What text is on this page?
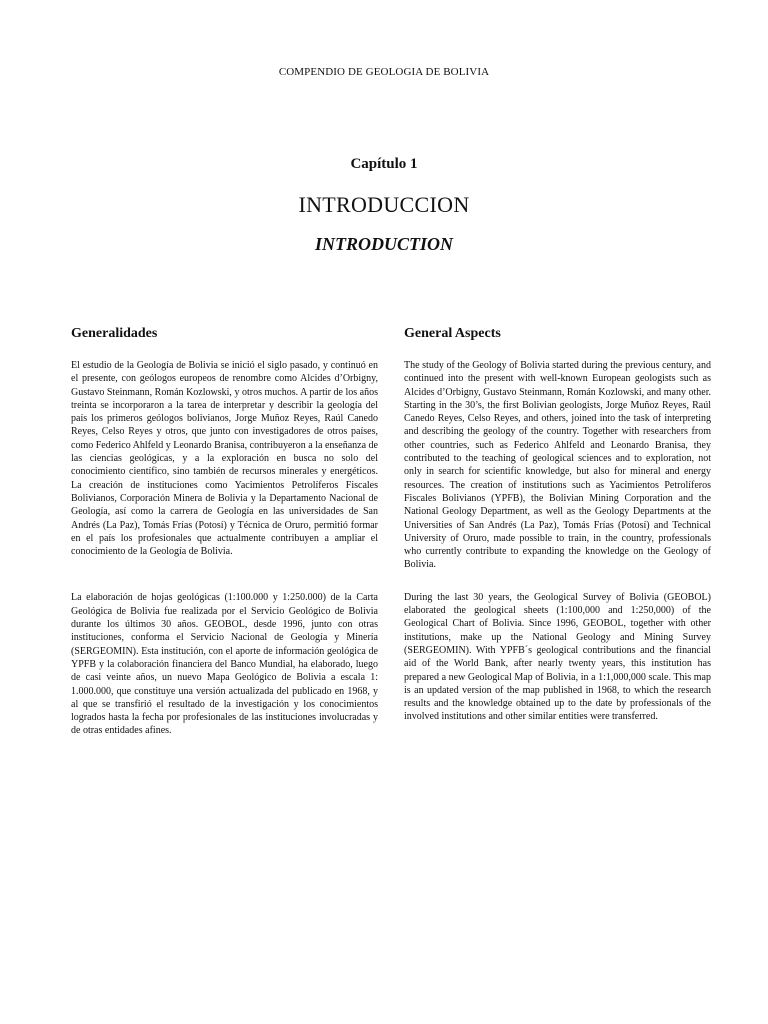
COMPENDIO DE GEOLOGIA DE BOLIVIA
Capítulo 1
INTRODUCCION
INTRODUCTION
Generalidades

El estudio de la Geología de Bolivia se inició el siglo pasado, y continuó en el presente, con geólogos europeos de renombre como Alcides d’Orbigny, Gustavo Steinmann, Román Kozlowski, y otros muchos. A partir de los años treinta se incorporaron a la tarea de interpretar y describir la geología del país los primeros geólogos bolivianos, Jorge Muñoz Reyes, Raúl Canedo Reyes, Celso Reyes y otros, que junto con investigadores de otros países, como Federico Ahlfeld y Leonardo Branisa, contribuyeron a la enseñanza de las ciencias geológicas, y a la exploración en busca no solo del conocimiento científico, sino también de recursos minerales y energéticos. La creación de instituciones como Yacimientos Petrolíferos Fiscales Bolivianos, Corporación Minera de Bolivia y la Departamento Nacional de Geología, así como la carrera de Geología en las universidades de San Andrés (La Paz), Tomás Frías (Potosí) y Técnica de Oruro, permitió formar en el país los profesionales que actualmente contribuyen a ampliar el conocimiento de la Geología de Bolivia.

La elaboración de hojas geológicas (1:100.000 y 1:250.000) de la Carta Geológica de Bolivia fue realizada por el Servicio Geológico de Bolivia durante los últimos 30 años. GEOBOL, desde 1996, junto con otras instituciones, conforma el Servicio Nacional de Geología y Minería (SERGEOMIN). Esta institución, con el aporte de información geológica de YPFB y la colaboración financiera del Banco Mundial, ha elaborado, luego de casi veinte años, un nuevo Mapa Geológico de Bolivia a escala 1: 1.000.000, que constituye una versión actualizada del publicado en 1968, y al que se transfirió el resultado de la investigación y los conocimientos logrados hasta la fecha por profesionales de las instituciones involucradas y de otras entidades afines.

General Aspects

The study of the Geology of Bolivia started during the previous century, and continued into the present with well-known European geologists such as Alcides d’Orbigny, Gustavo Steinmann, Román Kozlowski, and many other. Starting in the 30’s, the first Bolivian geologists, Jorge Muñoz Reyes, Raúl Canedo Reyes, Celso Reyes, and others, joined into the task of interpreting and describing the geology of the country. Together with researchers from other countries, such as Federico Ahlfeld and Leonardo Branisa, they contributed to the teaching of geological sciences and to exploration, not only in search for scientific knowledge, but also for mineral and energy resources. The creation of institutions such as Yacimientos Petrolíferos Fiscales Bolivianos (YPFB), the Bolivian Mining Corporation and the National Geology Department, as well as the Geology Departments at the Universities of San Andrés (La Paz), Tomás Frías (Potosí) and Technical University of Oruro, made possible to train, in the country, professionals who currently contribute to expanding the knowledge on the Geology of Bolivia.

During the last 30 years, the Geological Survey of Bolivia (GEOBOL) elaborated the geological sheets (1:100,000 and 1:250,000) of the Geological Chart of Bolivia. Since 1996, GEOBOL, together with other institutions, make up the National Geology and Mining Survey (SERGEOMIN). With YPFB´s geological contributions and the financial aid of the World Bank, after nearly twenty years, this institution has prepared a new Geological Map of Bolivia, in a 1:1,000,000 scale. This map is an updated version of the map published in 1968, to which the research results and the knowledge obtained up to the date by professionals of the involved institutions and other similar entities were transferred.
